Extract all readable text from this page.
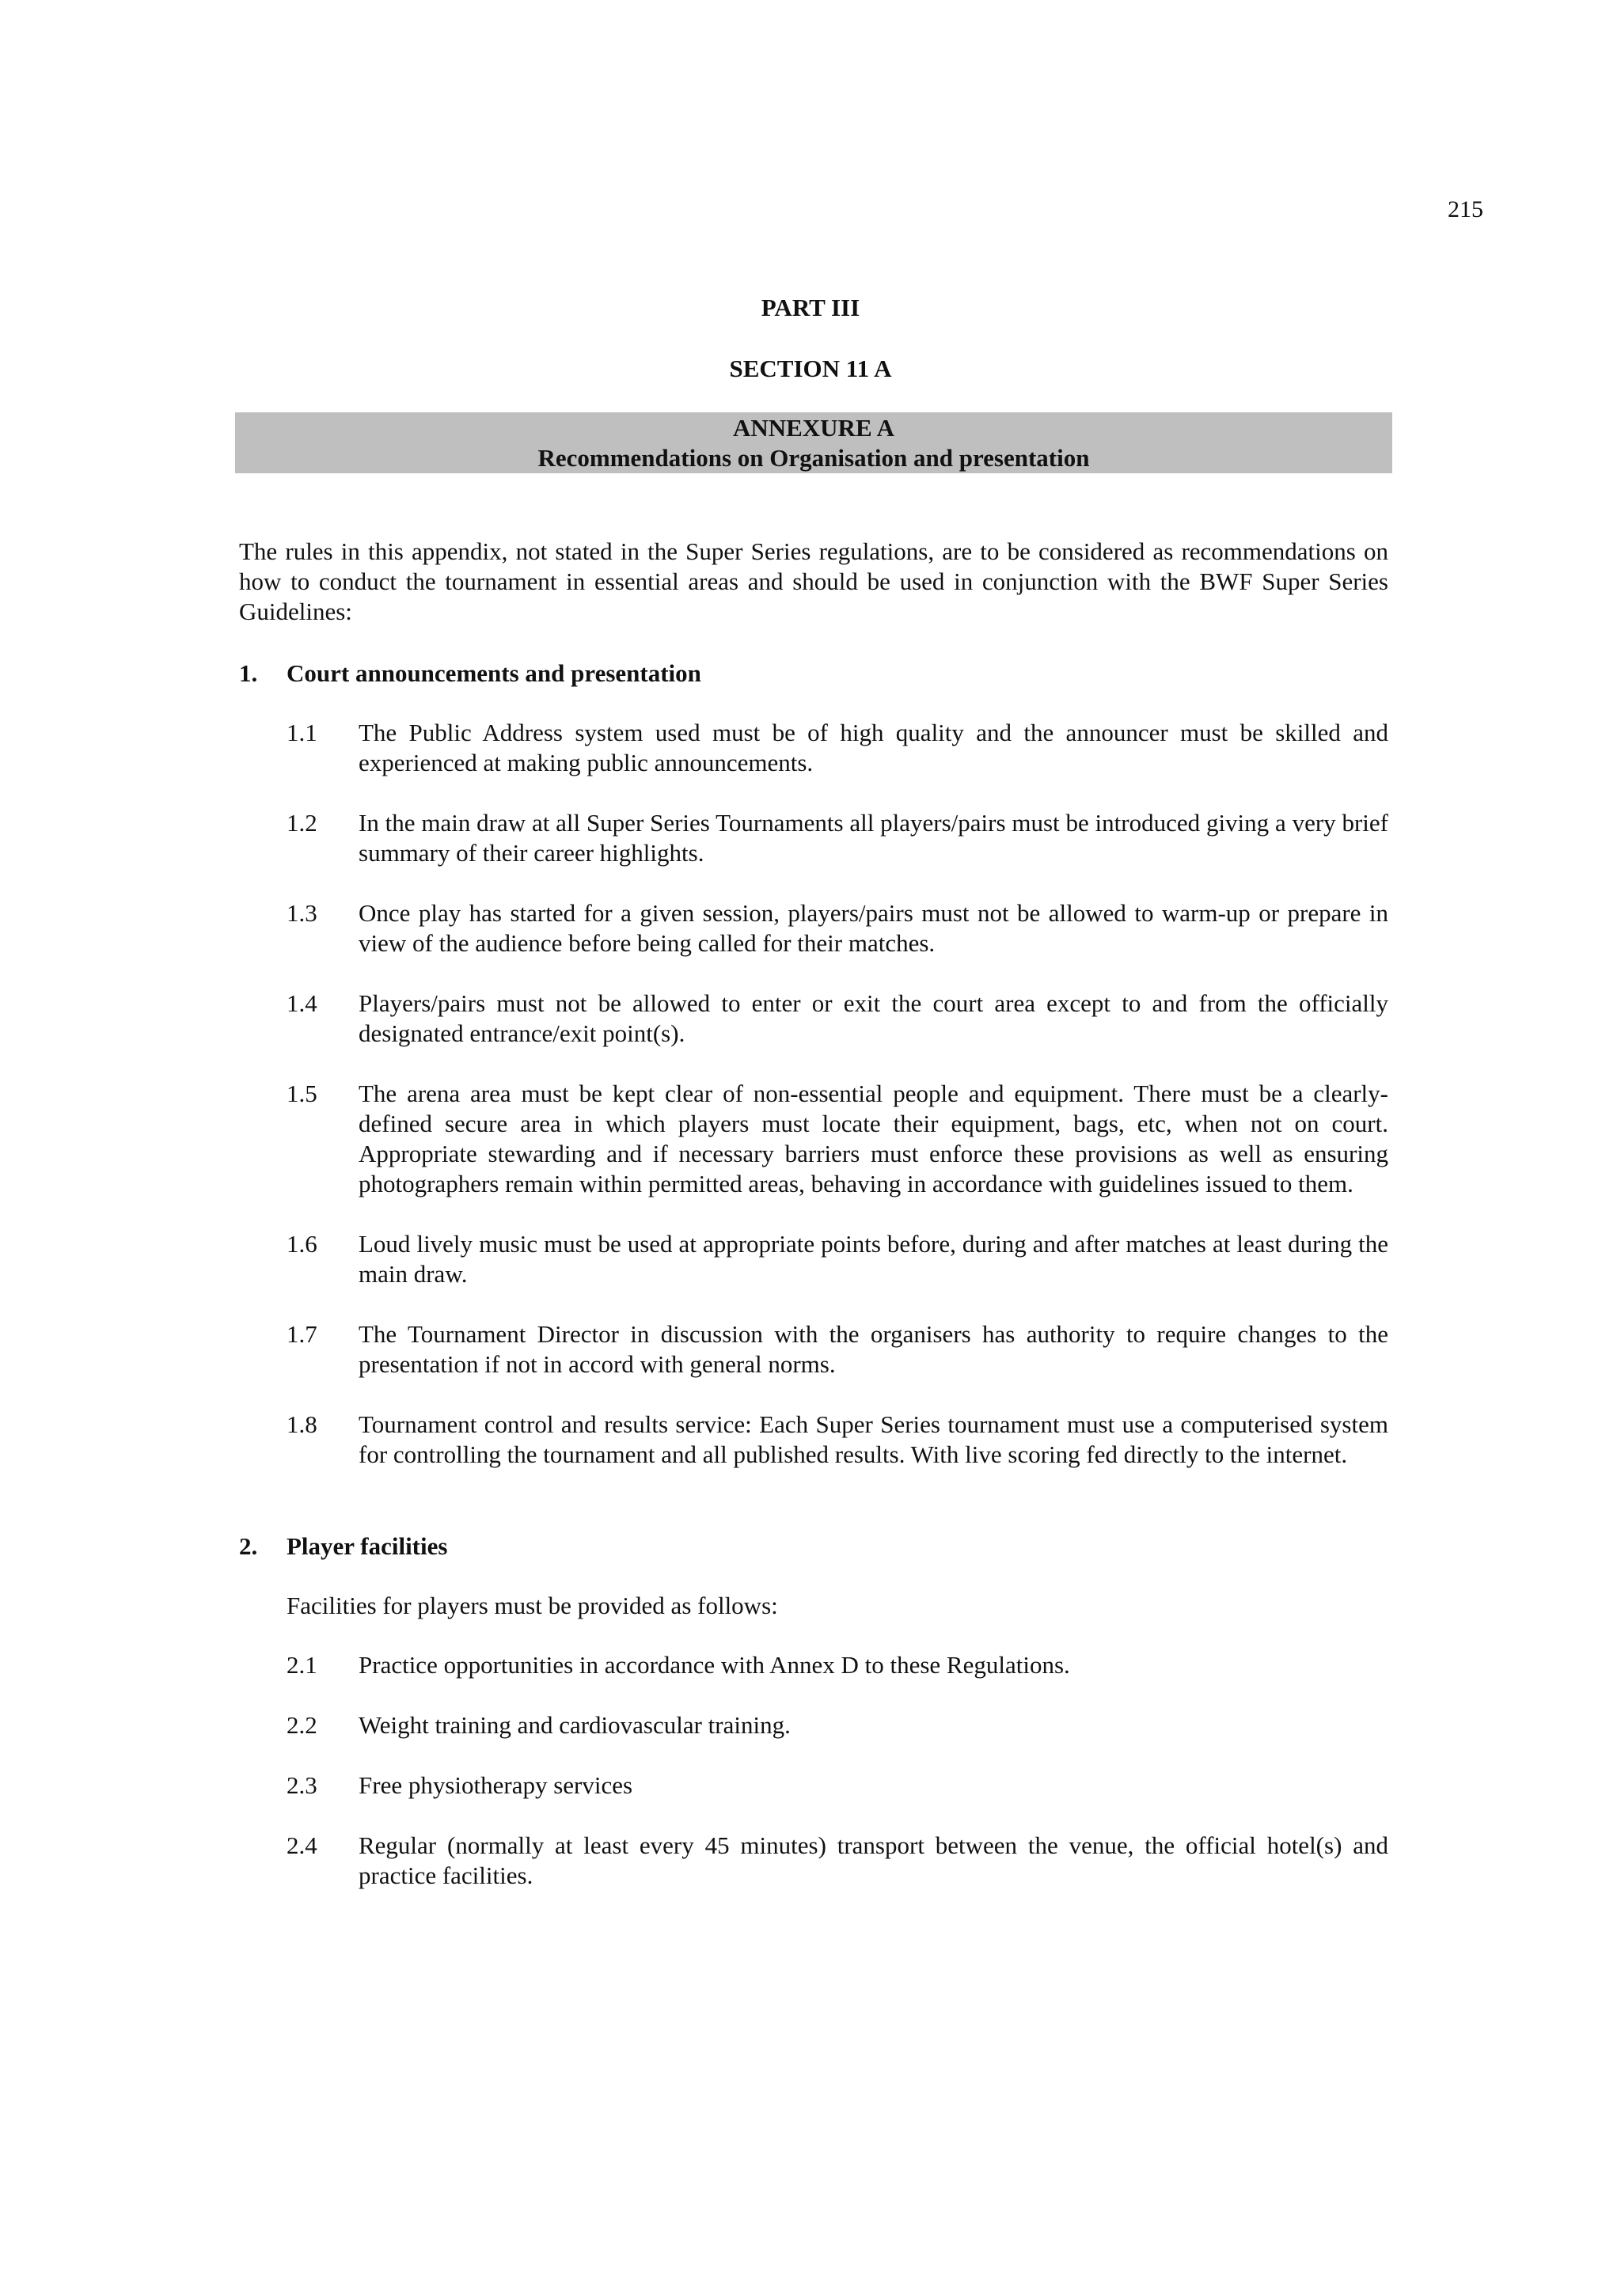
215
PART III
SECTION 11 A
ANNEXURE A
Recommendations on Organisation and presentation

The rules in this appendix, not stated in the Super Series regulations, are to be considered as recommendations on how to conduct the tournament in essential areas and should be used in conjunction with the BWF Super Series Guidelines:

1.	Court announcements and presentation
1.1	The Public Address system used must be of high quality and the announcer must be skilled and experienced at making public announcements.
1.2	In the main draw at all Super Series Tournaments all players/pairs must be introduced giving a very brief summary of their career highlights.
1.3	Once play has started for a given session, players/pairs must not be allowed to warm-up or prepare in view of the audience before being called for their matches.
1.4	Players/pairs must not be allowed to enter or exit the court area except to and from the officially designated entrance/exit point(s).
1.5	The arena area must be kept clear of non-essential people and equipment. There must be a clearly-defined secure area in which players must locate their equipment, bags, etc, when not on court. Appropriate stewarding and if necessary barriers must enforce these provisions as well as ensuring photographers remain within permitted areas, behaving in accordance with guidelines issued to them.
1.6	Loud lively music must be used at appropriate points before, during and after matches at least during the main draw.
1.7	The Tournament Director in discussion with the organisers has authority to require changes to the presentation if not in accord with general norms.
1.8	Tournament control and results service: Each Super Series tournament must use a computerised system for controlling the tournament and all published results. With live scoring fed directly to the internet.
2.	Player facilities
Facilities for players must be provided as follows:
2.1	Practice opportunities in accordance with Annex D to these Regulations.
2.2	Weight training and cardiovascular training.
2.3	Free physiotherapy services
2.4	Regular (normally at least every 45 minutes) transport between the venue, the official hotel(s) and practice facilities.
